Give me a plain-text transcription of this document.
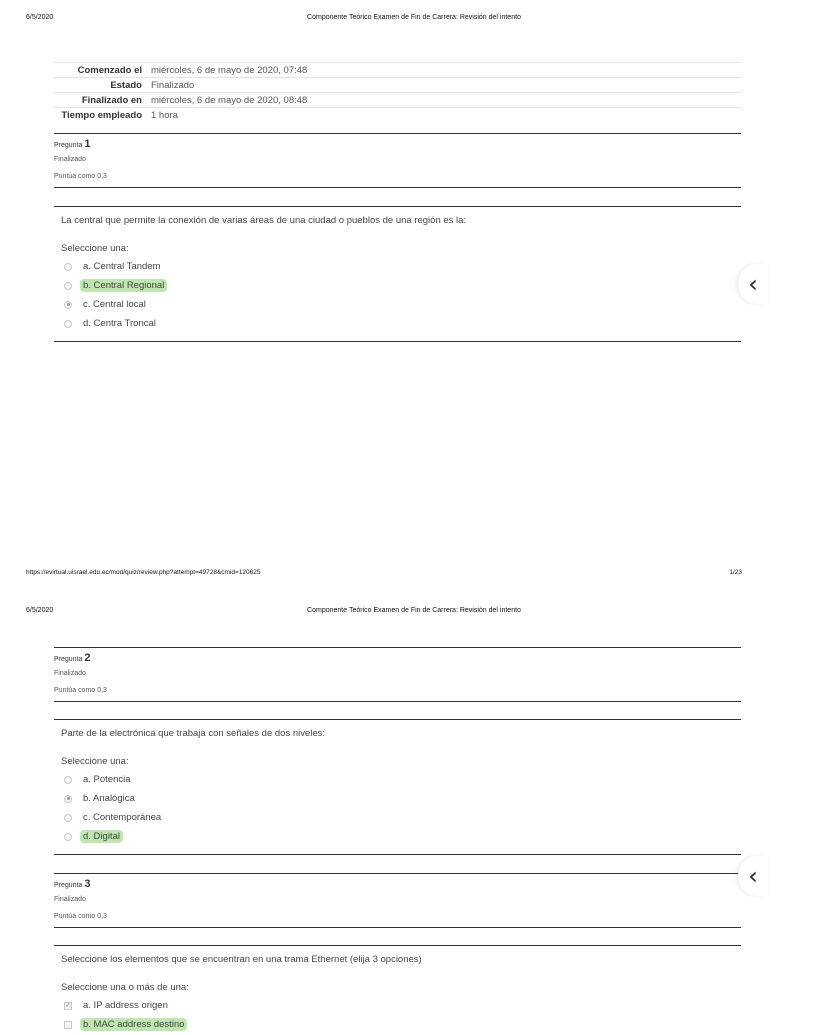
6/5/2020	Componente Teórico Examen de Fin de Carrera: Revisión del intento
Comenzado el miércoles, 6 de mayo de 2020, 07:48
Estado Finalizado
Finalizado en miércoles, 6 de mayo de 2020, 08:48
Tiempo empleado 1 hora
Pregunta 1
Finalizado
Puntúa como 0,3
La central que permite la conexión de varias áreas de una ciudad o pueblos de una región es la:
Seleccione una:
a. Central Tandem
b. Central Regional
c. Central local
d. Centra Troncal
‹
https://evirtual.uisrael.edu.ec/mod/quiz/review.php?attempt=49728&cmid=120625	1/23
6/5/2020	Componente Teórico Examen de Fin de Carrera: Revisión del intento
Pregunta 2
Finalizado
Puntúa como 0,3
Parte de la electrónica que trabaja con señales de dos niveles:
Seleccione una:
a. Potencia
b. Analógica
c. Contemporánea
d. Digital
Pregunta 3
Finalizado
Puntúa como 0,3
‹
Seleccione los elementos que se encuentran en una trama Ethernet (elija 3 opciones)
Seleccione una o más de una:
✓	a. IP address origen
b. MAC address destino
